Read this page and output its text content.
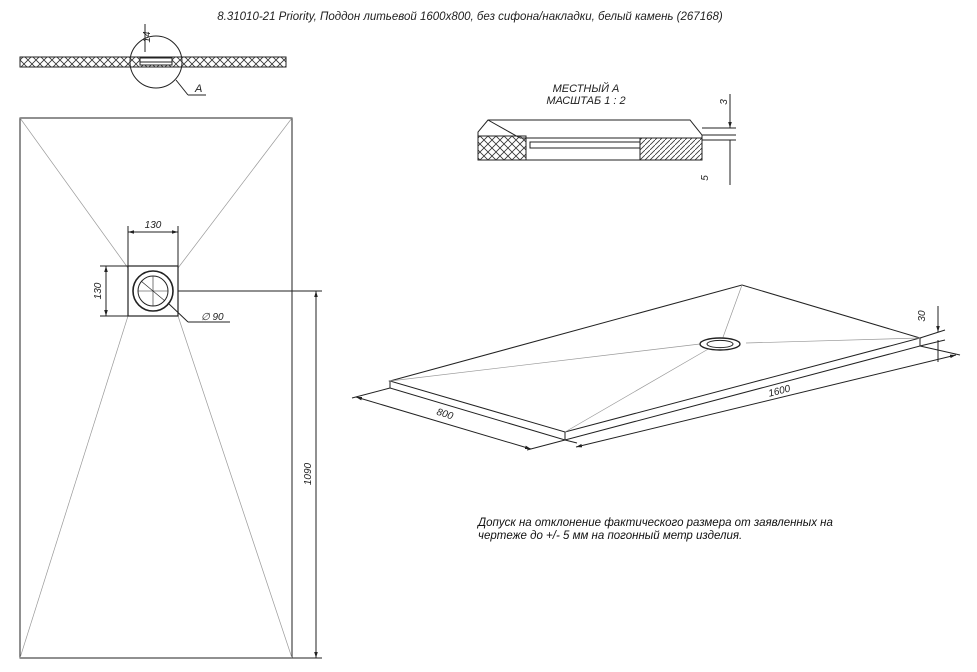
8.31010-21 Priority, Поддон литьевой 1600х800, без сифона/накладки, белый камень (267168)
14
А
130
130
∅ 90
1090
МЕСТНЫЙ А
МАСШТАБ 1 : 2	3
5
30
800
1600
Допуск на отклонение фактического размера от заявленных на
чертеже до +/- 5 мм на погонный метр изделия.
